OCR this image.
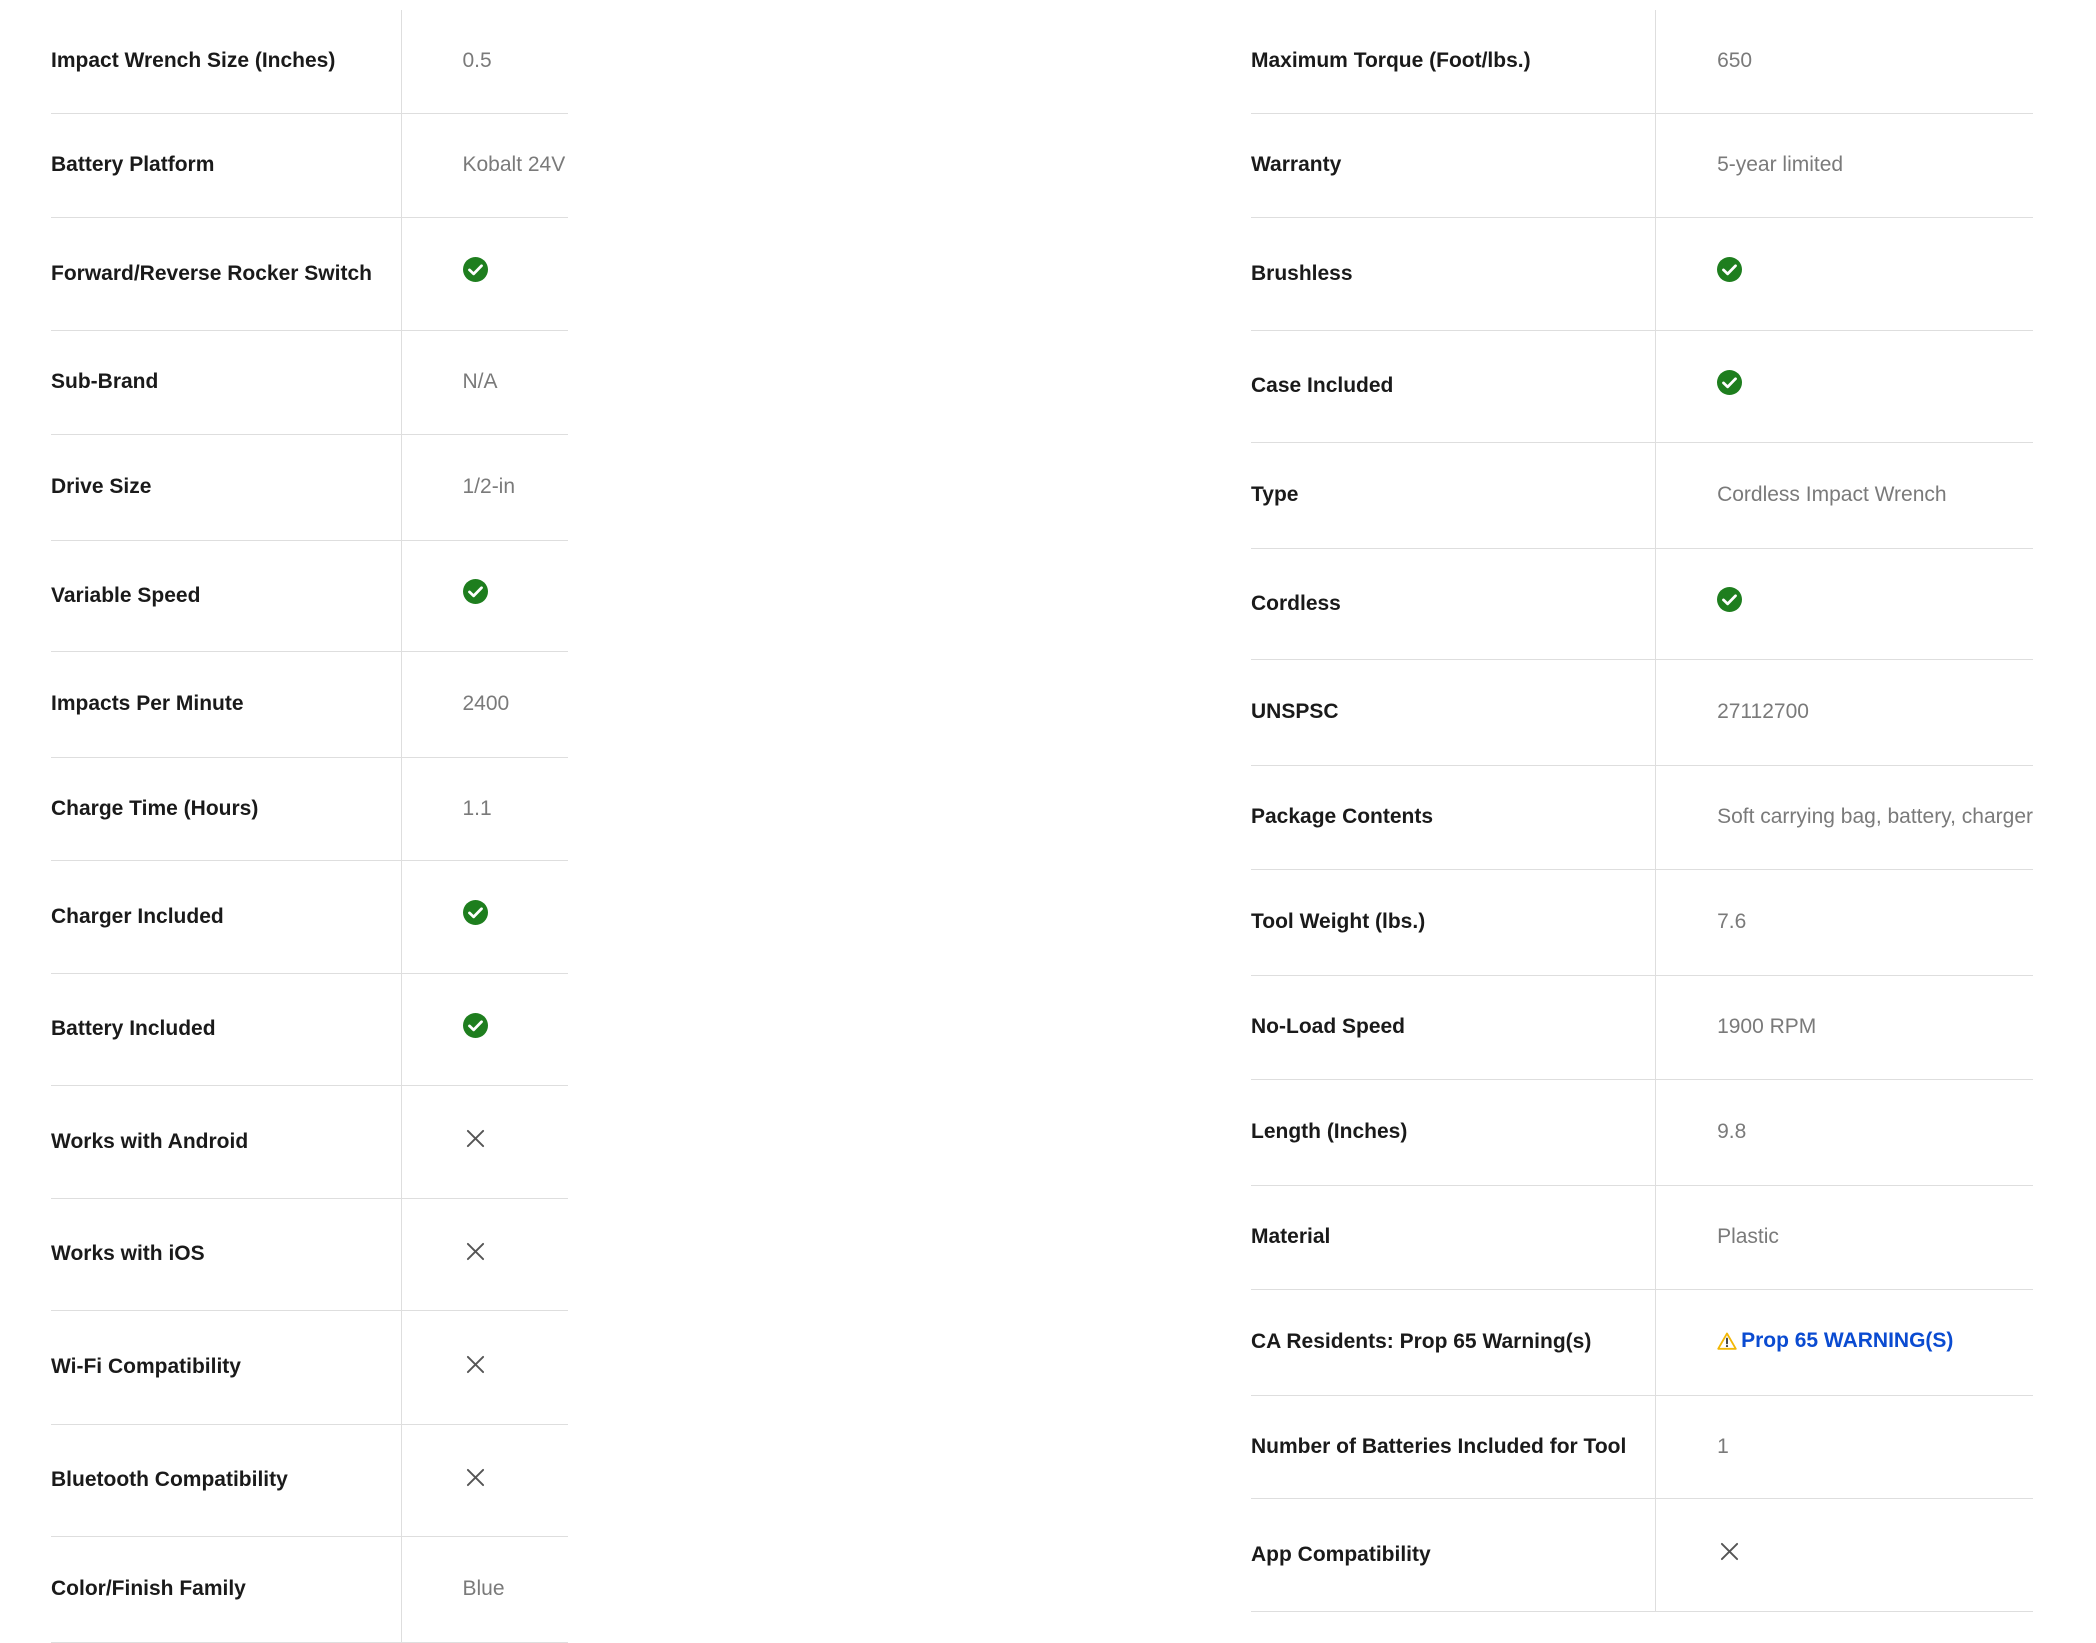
Impact Wrench Size (Inches)	0.5
Battery Platform	Kobalt 24V
Forward/Reverse Rocker Switch	
Sub-Brand	N/A
Drive Size	1/2-in
Variable Speed	
Impacts Per Minute	2400
Charge Time (Hours)	1.1
Charger Included	
Battery Included	
Works with Android	
Works with iOS	
Wi-Fi Compatibility	
Bluetooth Compatibility	
Color/Finish Family	Blue
Maximum Torque (Foot/lbs.)	650
Warranty	5-year limited
Brushless	
Case Included	
Type	Cordless Impact Wrench
Cordless	
UNSPSC	27112700
Package Contents	Soft carrying bag, battery, charger
Tool Weight (lbs.)	7.6
No-Load Speed	1900 RPM
Length (Inches)	9.8
Material	Plastic
CA Residents: Prop 65 Warning(s)	Prop 65 WARNING(S)

Number of Batteries Included for Tool	1
App Compatibility	
